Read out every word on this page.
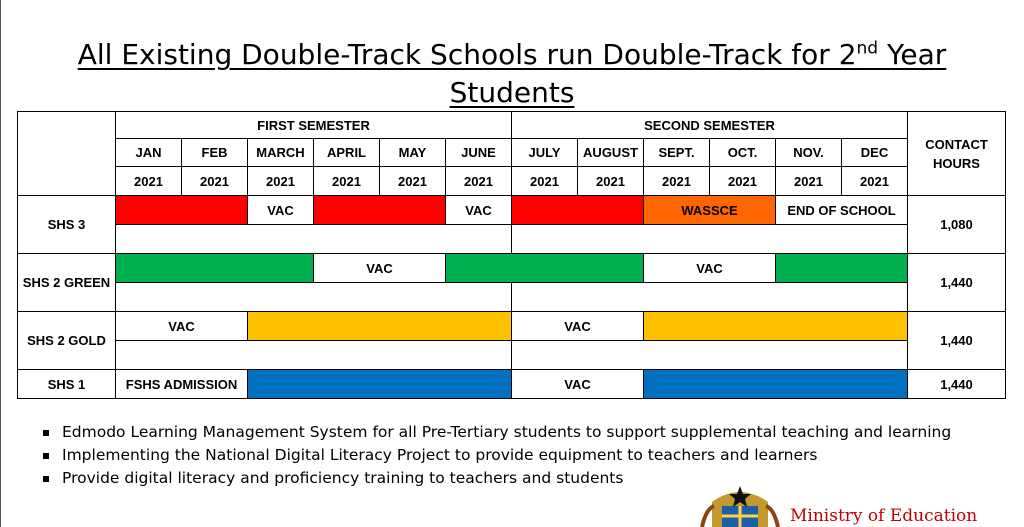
All Existing Double-Track Schools run Double-Track for 2nd Year
Students
	FIRST SEMESTER						SECOND SEMESTER						CONTACT HOURS
	JAN	FEB	MARCH	APRIL	MAY	JUNE	JULY	AUGUST	SEPT.	OCT.	NOV.	DEC	
	2021	2021	2021	2021	2021	2021	2021	2021	2021	2021	2021	2021	
SHS 3			VAC			VAC			WASSCE		END OF SCHOOL		1,080

SHS 2 GREEN				VAC					VAC				1,440

SHS 2 GOLD	VAC						VAC						1,440

SHS 1	FSHS ADMISSION						VAC						1,440
Edmodo Learning Management System for all Pre-Tertiary students to support supplemental teaching and learning
Implementing the National Digital Literacy Project to provide equipment to teachers and learners
Provide digital literacy and proficiency training to teachers and students
Ministry of Education
